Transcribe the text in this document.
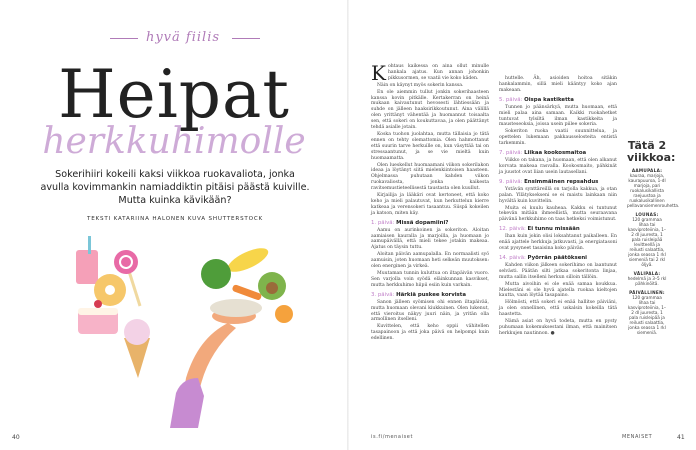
hyvä fiilis
Heipat
herkkuhimolle
Sokerihiiri kokeili kaksi viikkoa ruokavaliota, jonka avulla kovimmankin namiaddiktin pitäisi päästä kuiville. Mutta kuinka kävikään?
TEKSTI KATARIINA HALONEN KUVA SHUTTERSTOCK
40
K ohtaus kaikessa on aina ollut minulle hankala ajatus. Kun annan johonkin pikkusormen, se vaatii vie koko käden.

Näin on käynyt myös sokerin kanssa.

En ole aiemmin tullut jonkin sokerihaasteen kanssa kovin pitkälle. Kertakerran on heinä mukaan kaivautunut hevosesti lähtiessään ja suhde on jälleen haaksirikkoutunut. Aina välillä olen yrittänyt vähentää ja huomannut toisaalta sen, että sokeri on koukuttavaa, ja olen päättänyt tehdä asialle jotain.

Koska tuohon juolahtaa, mutta tällaisia jo tätä ennen on tehty olemattomia. Olen hahmottanut että suurin tarve herkuille on, kun väsyttää tai on stressaantunut, ja se vie mieltä kuin huomaamatta.

Olen lueskellut huomaamani viikon sokerilakon ideaa ja löytänyt siitä mielenkiintoisen haasteen. Ohjelmassa puhutaan kahden viikon ruokavaliosta, jonka kaikesta ravitsemustieteellisestä taustasta olen kuullut.

Kirjailija ja lääkäri ovat kertoneet, että koko keho ja mieli palautuvat, kun herkuttelun kierre katkeaa ja verensokeri tasaantuu. Siispä kokeilen ja katson, miten käy.

1. päivä: Missä dopamiini?

Aamu on aurinkoinen ja sokeriton. Aloitan aamiaisen kauralla ja marjoilla, ja huomaan jo aamupäivällä, että mieli tekee jotakin makeaa. Ajatus on täysin tuttu.

Aloitan päivän aamupalalla. En normaalisti syö aamuisin, joten huomaan heti selkeän muutoksen: olen energinen ja virkeä.

Muutaman tunnin kuluttua on iltapäivän vuoro. Sen varjolla voin syödä eläinkunnan kasvikset, mutta herkkuhimo hiipii esiin kuin varkain.

3. päivä: Härkiä puskee korvista

Sanon jälleen syömisen ohi ennen iltapäivää, mutta huomaan olevani kiukkuinen. Olen lukenut, että vieroitus näkyy juuri näin, ja yritän olla armollinen itselleni.

Kuvittelen, että keho oppii vähitellen tasapainoon ja että joka päivä on helpompi kuin edellinen.

huttelle. Äh, asioiden hoitoa sitäkin hankalammin, sillä mieli kääntyy koko ajan makeaan.

5. päivä: Oispa kastiketta

Tunnen jo päänsärkyä, mutta huomaan, että mieli palaa aina samaan. Kaikki ruokahetket tuntuvat tylsiltä ilman kastikkeita ja mausteseoksia, joissa usein piilee sokeria.

Sokeriton ruoka vaatii suunnittelua, ja opettelen lukemaan pakkausselosteita entistä tarkemmin.

7. päivä: Liikaa kookosmaitoa

Viikko on takana, ja huomaan, että olen alkanut korvata makeaa rasvalla. Kookosmaito, pähkinät ja juustot ovat liian usein lautasellani.

9. päivä: Ensimmäinen repsahdus

Ystävän synttäreillä on tarjolla kakkua, ja otan palan. Yllätyksekseni se ei maistu lainkaan niin hyvältä kuin kuvittelin.

Muita ei kuulu kauheaa. Kakku ei tuntunut tekevän mitään ihmeellistä, mutta seuraavana päivänä herkkuhimo on taas hetkeksi voimistunut.

12. päivä: Ei tunnu missään

Ihan kuin jokin olisi loksahtanut paikalleen. En enää ajattele herkkuja jatkuvasti, ja energiatasoni ovat pysyneet tasaisina koko päivän.

14. päivä: Pyörrän päätökseni

Kahden viikon jälkeen sokerihimo on laantunut selvästi. Päätän silti jatkaa sokeritonta linjaa, mutta sallin itselleni herkun silloin tällöin.

Mutta aivoihin ei ole enää samaa koukkua. Mielestäni ei ole hyvä ajatella ruokaa kieltojen kautta, vaan löytää tasapaino.

Hölmösti, että sokeri ei enää hallitse päiviäni, ja olen onnellinen, että uskalsin kokeilla tätä haastetta.

Nämä asiat on hyvä todeta, mutta en pysty puhumaan kokemuksestani ilman, että mainitsen herkkujen nautinnon. ●

Tätä 2 viikkoa:
AAMUPALA:
kauraa, marjoja, kaurapuuroa, 1-dl marjoja, pari ruokalusikallista raejuustoa ja ruokalusikallinen pellavansiemenrouhetta.
LOUNAS:
120 grammaa lihaa tai kasviproteiinia, 1–2 dl juuresta, 1 pala ruisleipää levitteellä ja reilusti salaattia, jonka seassa 1 rkl siemeniä tai 2 rkl öljyä.
VÄLIPALA:
hedelmä ja 3–5 rkl pähkinöitä.
PÄIVÄLLINEN:
120 grammaa lihaa tai kasviproteiinia, 1–2 dl juuresta, 1 pala ruisleipää ja reilusti salaattia, jonka seassa 1 rkl siemeniä.
is.fi/menaiset	MENAISET	41
